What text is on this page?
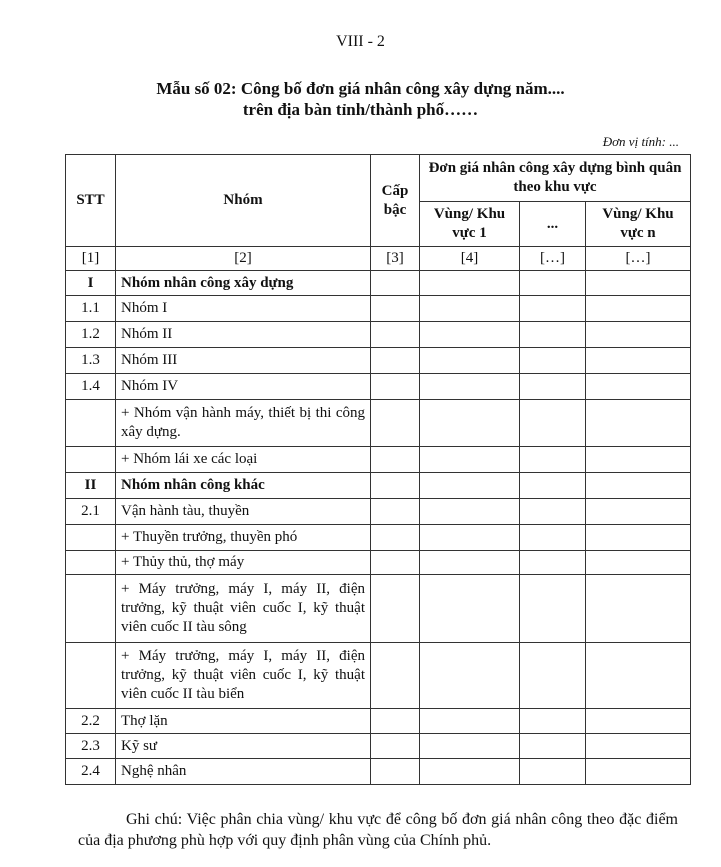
VIII - 2
Mẫu số 02: Công bố đơn giá nhân công xây dựng năm....
trên địa bàn tỉnh/thành phố……
Đơn vị tính: ...
STT	Nhóm	Cấp bậc	Đơn giá nhân công xây dựng bình quân theo khu vực		
			Vùng/ Khu vực 1	...	Vùng/ Khu vực n
[1]	[2]	[3]	[4]	[…]	[…]
I	Nhóm nhân công xây dựng				
1.1	Nhóm I				
1.2	Nhóm II				
1.3	Nhóm III				
1.4	Nhóm IV				
	+ Nhóm vận hành máy, thiết bị thi công xây dựng.				
	+ Nhóm lái xe các loại				
II	Nhóm nhân công khác				
2.1	Vận hành tàu, thuyền				
	+ Thuyền trưởng, thuyền phó				
	+ Thủy thủ, thợ máy				
	+ Máy trưởng, máy I, máy II, điện trưởng, kỹ thuật viên cuốc I, kỹ thuật viên cuốc II tàu sông				
	+ Máy trưởng, máy I, máy II, điện trưởng, kỹ thuật viên cuốc I, kỹ thuật viên cuốc II tàu biển				
2.2	Thợ lặn				
2.3	Kỹ sư				
2.4	Nghệ nhân				
Ghi chú: Việc phân chia vùng/ khu vực để công bố đơn giá nhân công theo đặc điểm của địa phương phù hợp với quy định phân vùng của Chính phủ.
